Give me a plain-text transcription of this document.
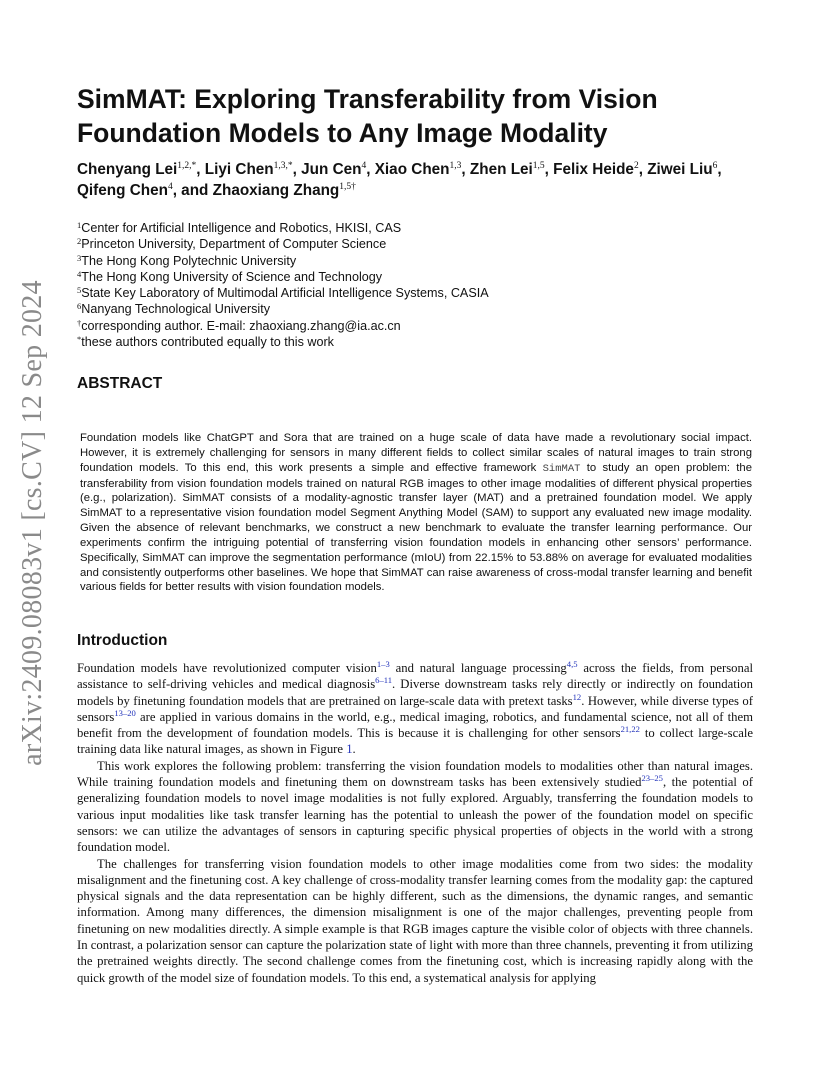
arXiv:2409.08083v1 [cs.CV] 12 Sep 2024
SimMAT: Exploring Transferability from Vision Foundation Models to Any Image Modality
Chenyang Lei$^{1,2,*}$, Liyi Chen$^{1,3,*}$, Jun Cen$^4$, Xiao Chen$^{1,3}$, Zhen Lei$^{1,5}$, Felix Heide$^2$, Ziwei Liu$^6$, Qifeng Chen$^4$, and Zhaoxiang Zhang$^{1,5\dagger}$
$^1$Center for Artificial Intelligence and Robotics, HKISI, CAS
$^2$Princeton University, Department of Computer Science
$^3$The Hong Kong Polytechnic University
$^4$The Hong Kong University of Science and Technology
$^5$State Key Laboratory of Multimodal Artificial Intelligence Systems, CASIA
$^6$Nanyang Technological University
†corresponding author. E-mail: zhaoxiang.zhang@ia.ac.cn
*these authors contributed equally to this work
ABSTRACT

Foundation models like ChatGPT and Sora that are trained on a huge scale of data have made a revolutionary social impact. However, it is extremely challenging for sensors in many different fields to collect similar scales of natural images to train strong foundation models. To this end, this work presents a simple and effective framework SimMAT to study an open problem: the transferability from vision foundation models trained on natural RGB images to other image modalities of different physical properties (e.g., polarization). SimMAT consists of a modality-agnostic transfer layer (MAT) and a pretrained foundation model. We apply SimMAT to a representative vision foundation model Segment Anything Model (SAM) to support any evaluated new image modality. Given the absence of relevant benchmarks, we construct a new benchmark to evaluate the transfer learning performance. Our experiments confirm the intriguing potential of transferring vision foundation models in enhancing other sensors’ performance. Specifically, SimMAT can improve the segmentation performance (mIoU) from 22.15% to 53.88% on average for evaluated modalities and consistently outperforms other baselines. We hope that SimMAT can raise awareness of cross-modal transfer learning and benefit various fields for better results with vision foundation models.

Introduction

Foundation models have revolutionized computer vision$^{1-3}$ and natural language processing$^{4,5}$ across the fields, from personal assistance to self-driving vehicles and medical diagnosis$^{6-11}$. Diverse downstream tasks rely directly or indirectly on foundation models by finetuning foundation models that are pretrained on large-scale data with pretext tasks$^{12}$. However, while diverse types of sensors$^{13-20}$ are applied in various domains in the world, e.g., medical imaging, robotics, and fundamental science, not all of them benefit from the development of foundation models. This is because it is challenging for other sensors$^{21,22}$ to collect large-scale training data like natural images, as shown in Figure 1.

This work explores the following problem: transferring the vision foundation models to modalities other than natural images. While training foundation models and finetuning them on downstream tasks has been extensively studied$^{23-25}$, the potential of generalizing foundation models to novel image modalities is not fully explored. Arguably, transferring the foundation models to various input modalities like task transfer learning has the potential to unleash the power of the foundation model on specific sensors: we can utilize the advantages of sensors in capturing specific physical properties of objects in the world with a strong foundation model.

The challenges for transferring vision foundation models to other image modalities come from two sides: the modality misalignment and the finetuning cost. A key challenge of cross-modality transfer learning comes from the modality gap: the captured physical signals and the data representation can be highly different, such as the dimensions, the dynamic ranges, and semantic information. Among many differences, the dimension misalignment is one of the major challenges, preventing people from finetuning on new modalities directly. A simple example is that RGB images capture the visible color of objects with three channels. In contrast, a polarization sensor can capture the polarization state of light with more than three channels, preventing it from utilizing the pretrained weights directly. The second challenge comes from the finetuning cost, which is increasing rapidly along with the quick growth of the model size of foundation models. To this end, a systematical analysis for applying
